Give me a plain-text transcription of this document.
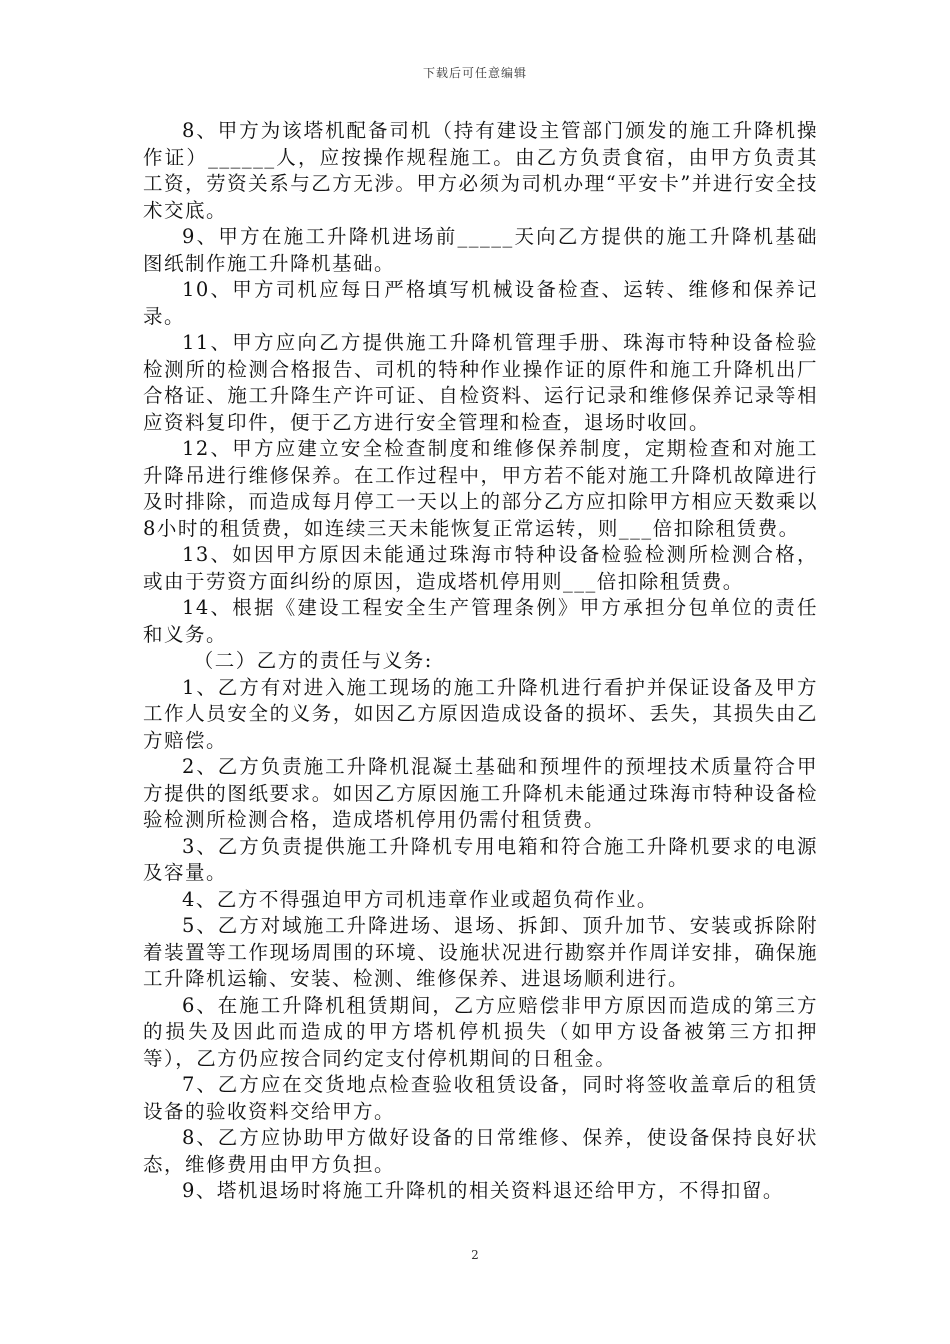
下载后可任意编辑

8、甲方为该塔机配备司机（持有建设主管部门颁发的施工升降机操作证）______人，应按操作规程施工。由乙方负责食宿，由甲方负责其工资，劳资关系与乙方无涉。甲方必须为司机办理“平安卡”并进行安全技术交底。

9、甲方在施工升降机进场前_____天向乙方提供的施工升降机基础图纸制作施工升降机基础。

10、甲方司机应每日严格填写机械设备检查、运转、维修和保养记录。

11、甲方应向乙方提供施工升降机管理手册、珠海市特种设备检验检测所的检测合格报告、司机的特种作业操作证的原件和施工升降机出厂合格证、施工升降生产许可证、自检资料、运行记录和维修保养记录等相应资料复印件，便于乙方进行安全管理和检查，退场时收回。

12、甲方应建立安全检查制度和维修保养制度，定期检查和对施工升降吊进行维修保养。在工作过程中，甲方若不能对施工升降机故障进行及时排除，而造成每月停工一天以上的部分乙方应扣除甲方相应天数乘以8小时的租赁费，如连续三天未能恢复正常运转，则___倍扣除租赁费。

13、如因甲方原因未能通过珠海市特种设备检验检测所检测合格，或由于劳资方面纠纷的原因，造成塔机停用则___倍扣除租赁费。

14、根据《建设工程安全生产管理条例》甲方承担分包单位的责任和义务。

（二）乙方的责任与义务:

1、乙方有对进入施工现场的施工升降机进行看护并保证设备及甲方工作人员安全的义务，如因乙方原因造成设备的损坏、丢失，其损失由乙方赔偿。

2、乙方负责施工升降机混凝土基础和预埋件的预埋技术质量符合甲方提供的图纸要求。如因乙方原因施工升降机未能通过珠海市特种设备检验检测所检测合格，造成塔机停用仍需付租赁费。

3、乙方负责提供施工升降机专用电箱和符合施工升降机要求的电源及容量。

4、乙方不得强迫甲方司机违章作业或超负荷作业。

5、乙方对域施工升降进场、退场、拆卸、顶升加节、安装或拆除附着装置等工作现场周围的环境、设施状况进行勘察并作周详安排，确保施工升降机运输、安装、检测、维修保养、进退场顺利进行。

6、在施工升降机租赁期间，乙方应赔偿非甲方原因而造成的第三方的损失及因此而造成的甲方塔机停机损失（如甲方设备被第三方扣押等），乙方仍应按合同约定支付停机期间的日租金。

7、乙方应在交货地点检查验收租赁设备，同时将签收盖章后的租赁设备的验收资料交给甲方。

8、乙方应协助甲方做好设备的日常维修、保养，使设备保持良好状态，维修费用由甲方负担。

9、塔机退场时将施工升降机的相关资料退还给甲方，不得扣留。

2
